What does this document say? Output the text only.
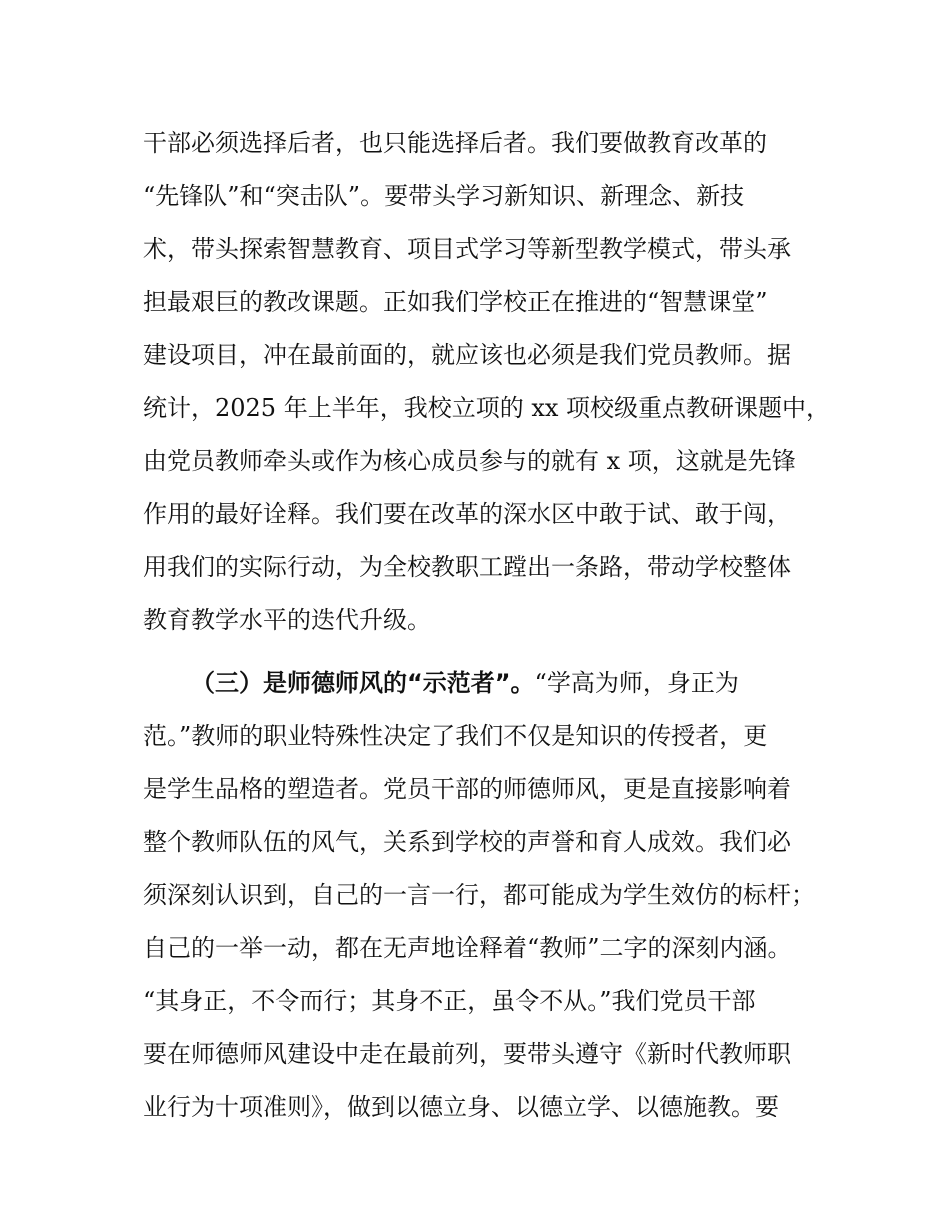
干部必须选择后者，也只能选择后者。我们要做教育改革的
“先锋队”和“突击队”。要带头学习新知识、新理念、新技
术，带头探索智慧教育、项目式学习等新型教学模式，带头承
担最艰巨的教改课题。正如我们学校正在推进的“智慧课堂”
建设项目，冲在最前面的，就应该也必须是我们党员教师。据
统计，2025 年上半年，我校立项的 xx 项校级重点教研课题中，
由党员教师牵头或作为核心成员参与的就有 x 项，这就是先锋
作用的最好诠释。我们要在改革的深水区中敢于试、敢于闯，
用我们的实际行动，为全校教职工蹚出一条路，带动学校整体
教育教学水平的迭代升级。
（三）是师德师风的“示范者”。“学高为师，身正为
范。”教师的职业特殊性决定了我们不仅是知识的传授者，更
是学生品格的塑造者。党员干部的师德师风，更是直接影响着
整个教师队伍的风气，关系到学校的声誉和育人成效。我们必
须深刻认识到，自己的一言一行，都可能成为学生效仿的标杆；
自己的一举一动，都在无声地诠释着“教师”二字的深刻内涵。
“其身正，不令而行；其身不正，虽令不从。”我们党员干部
要在师德师风建设中走在最前列，要带头遵守《新时代教师职
业行为十项准则》，做到以德立身、以德立学、以德施教。要
